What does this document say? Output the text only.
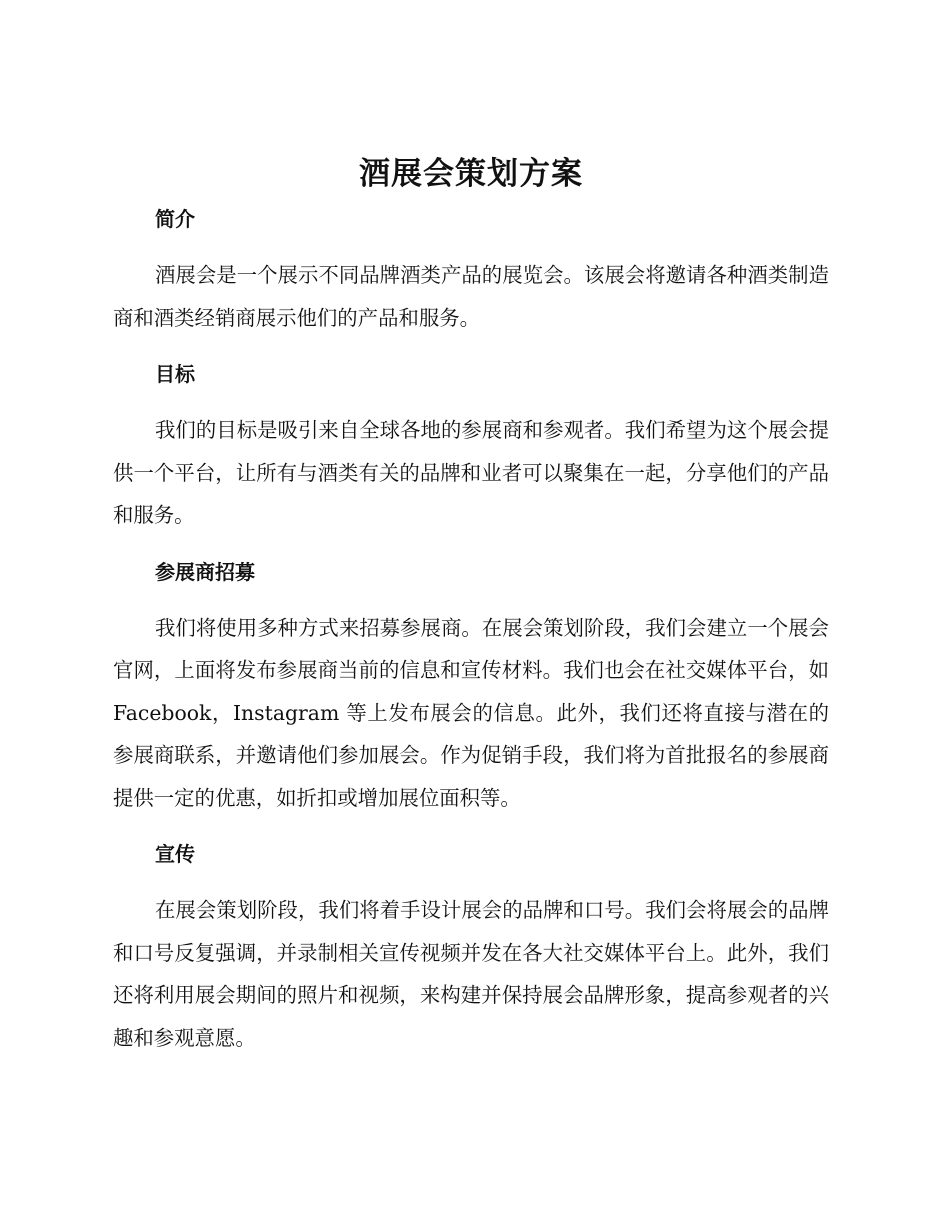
酒展会策划方案
简介

酒展会是一个展示不同品牌酒类产品的展览会。该展会将邀请各种酒类制造商和酒类经销商展示他们的产品和服务。

目标

我们的目标是吸引来自全球各地的参展商和参观者。我们希望为这个展会提供一个平台，让所有与酒类有关的品牌和业者可以聚集在一起，分享他们的产品和服务。

参展商招募

我们将使用多种方式来招募参展商。在展会策划阶段，我们会建立一个展会官网，上面将发布参展商当前的信息和宣传材料。我们也会在社交媒体平台，如 Facebook，Instagram 等上发布展会的信息。此外，我们还将直接与潜在的参展商联系，并邀请他们参加展会。作为促销手段，我们将为首批报名的参展商提供一定的优惠，如折扣或增加展位面积等。

宣传

在展会策划阶段，我们将着手设计展会的品牌和口号。我们会将展会的品牌和口号反复强调，并录制相关宣传视频并发在各大社交媒体平台上。此外，我们还将利用展会期间的照片和视频，来构建并保持展会品牌形象，提高参观者的兴趣和参观意愿。
